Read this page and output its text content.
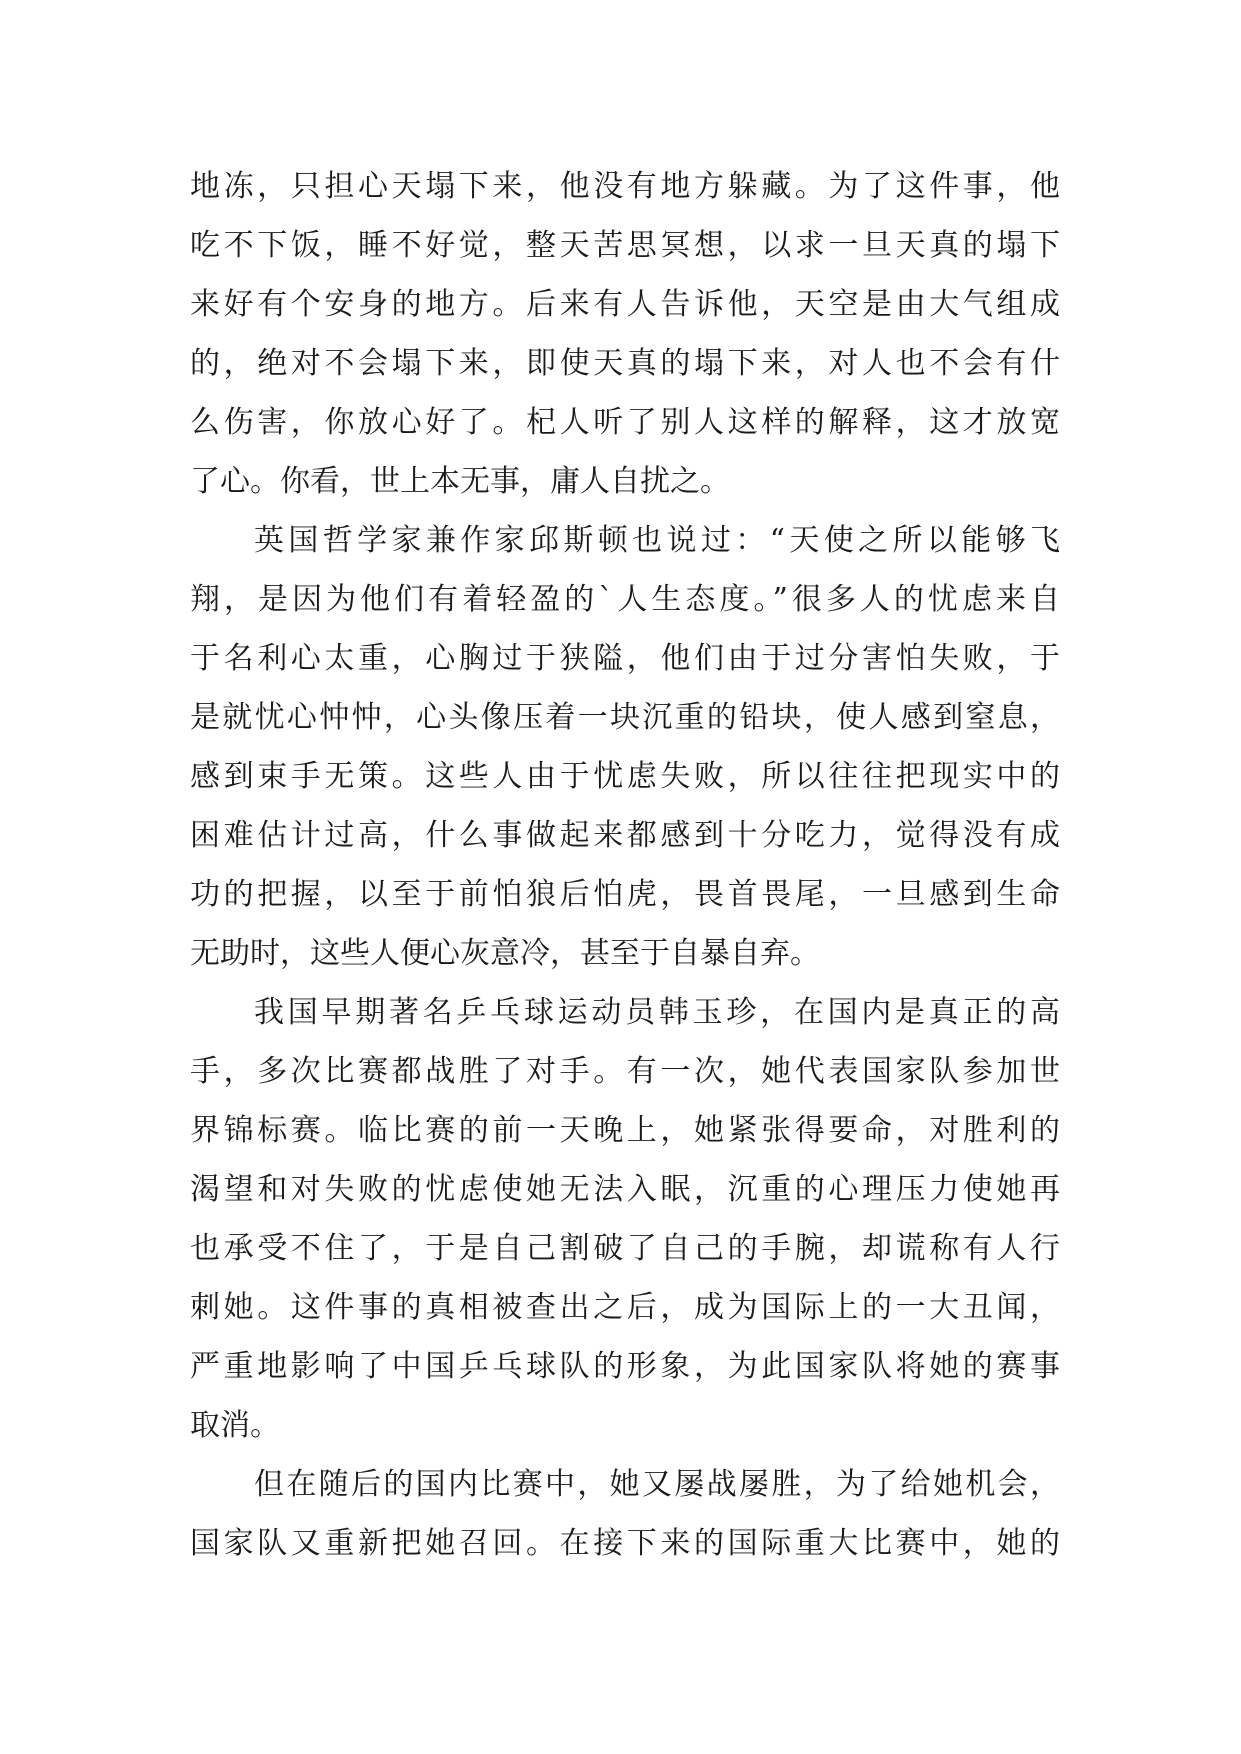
地冻，只担心天塌下来，他没有地方躲藏。为了这件事，他
吃不下饭，睡不好觉，整天苦思冥想，以求一旦天真的塌下
来好有个安身的地方。后来有人告诉他，天空是由大气组成
的，绝对不会塌下来，即使天真的塌下来，对人也不会有什
么伤害，你放心好了。杞人听了别人这样的解释，这才放宽
了心。你看，世上本无事，庸人自扰之。
英国哲学家兼作家邱斯顿也说过：“天使之所以能够飞
翔，是因为他们有着轻盈的`人生态度。”很多人的忧虑来自
于名利心太重，心胸过于狭隘，他们由于过分害怕失败，于
是就忧心忡忡，心头像压着一块沉重的铅块，使人感到窒息，
感到束手无策。这些人由于忧虑失败，所以往往把现实中的
困难估计过高，什么事做起来都感到十分吃力，觉得没有成
功的把握，以至于前怕狼后怕虎，畏首畏尾，一旦感到生命
无助时，这些人便心灰意冷，甚至于自暴自弃。
我国早期著名乒乓球运动员韩玉珍，在国内是真正的高
手，多次比赛都战胜了对手。有一次，她代表国家队参加世
界锦标赛。临比赛的前一天晚上，她紧张得要命，对胜利的
渴望和对失败的忧虑使她无法入眠，沉重的心理压力使她再
也承受不住了，于是自己割破了自己的手腕，却谎称有人行
刺她。这件事的真相被查出之后，成为国际上的一大丑闻，
严重地影响了中国乒乓球队的形象，为此国家队将她的赛事
取消。
但在随后的国内比赛中，她又屡战屡胜，为了给她机会，
国家队又重新把她召回。在接下来的国际重大比赛中，她的
